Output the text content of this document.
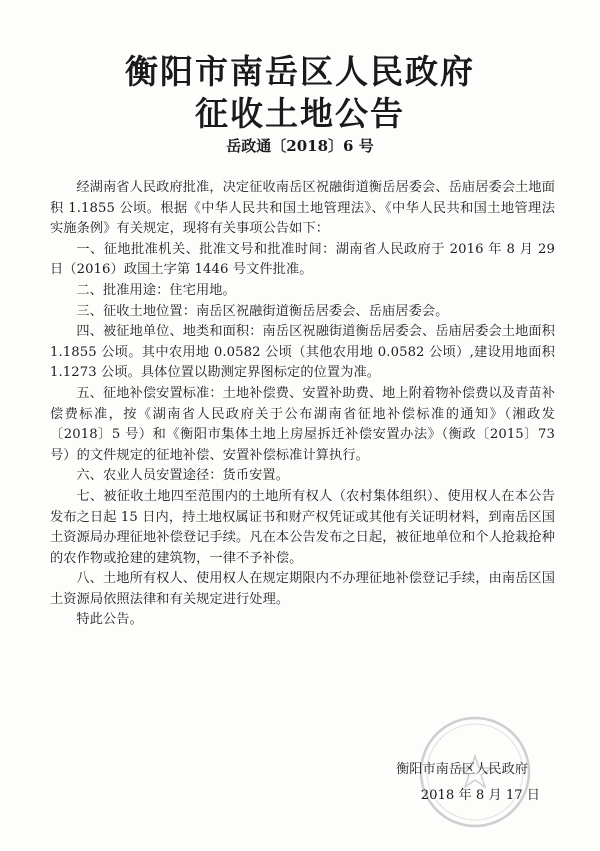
衡阳市南岳区人民政府
征收土地公告
岳政通〔2018〕6 号

经湖南省人民政府批准，决定征收南岳区祝融街道衡岳居委会、岳庙居委会土地面积 1.1855 公顷。根据《中华人民共和国土地管理法》、《中华人民共和国土地管理法实施条例》有关规定，现将有关事项公告如下：

一、征地批准机关、批准文号和批准时间：湖南省人民政府于 2016 年 8 月 29 日（2016）政国土字第 1446 号文件批准。

二、批准用途：住宅用地。

三、征收土地位置：南岳区祝融街道衡岳居委会、岳庙居委会。

四、被征地单位、地类和面积：南岳区祝融街道衡岳居委会、岳庙居委会土地面积 1.1855 公顷。其中农用地 0.0582 公顷（其他农用地 0.0582 公顷）,建设用地面积 1.1273 公顷。具体位置以勘测定界图标定的位置为准。

五、征地补偿安置标准：土地补偿费、安置补助费、地上附着物补偿费以及青苗补偿费标准，按《湖南省人民政府关于公布湖南省征地补偿标准的通知》（湘政发〔2018〕5 号）和《衡阳市集体土地上房屋拆迁补偿安置办法》（衡政〔2015〕73 号）的文件规定的征地补偿、安置补偿标准计算执行。

六、农业人员安置途径：货币安置。

七、被征收土地四至范围内的土地所有权人（农村集体组织）、使用权人在本公告发布之日起 15 日内，持土地权属证书和财产权凭证或其他有关证明材料，到南岳区国土资源局办理征地补偿登记手续。凡在本公告发布之日起，被征地单位和个人抢栽抢种的农作物或抢建的建筑物，一律不予补偿。

八、土地所有权人、使用权人在规定期限内不办理征地补偿登记手续，由南岳区国土资源局依照法律和有关规定进行处理。

特此公告。

衡阳市南岳区人民政府
2018 年 8 月 17 日
